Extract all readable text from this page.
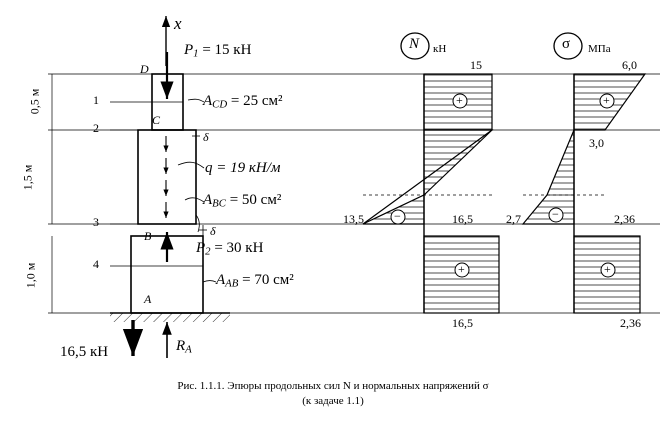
x
D
C
B
A
1
2
3
4
0,5 м
1,5 м
1,0 м
δ
δ
$P_1 = 15$ кН
$A_{CD} = 25$ см²
q = 19 кН/м
$A_{BC} = 50$ см²
$P_2 = 30$ кН
$A_{AB} = 70$ см²
$R_A$
16,5 кН
N кН
15
13,5	16,5
16,5
+
−
+
σ МПа
6,0
3,0
2,7	2,36
2,36
+
−
+
Рис. 1.1.1. Эпюры продольных сил N и нормальных напряжений σ
(к задаче 1.1)
